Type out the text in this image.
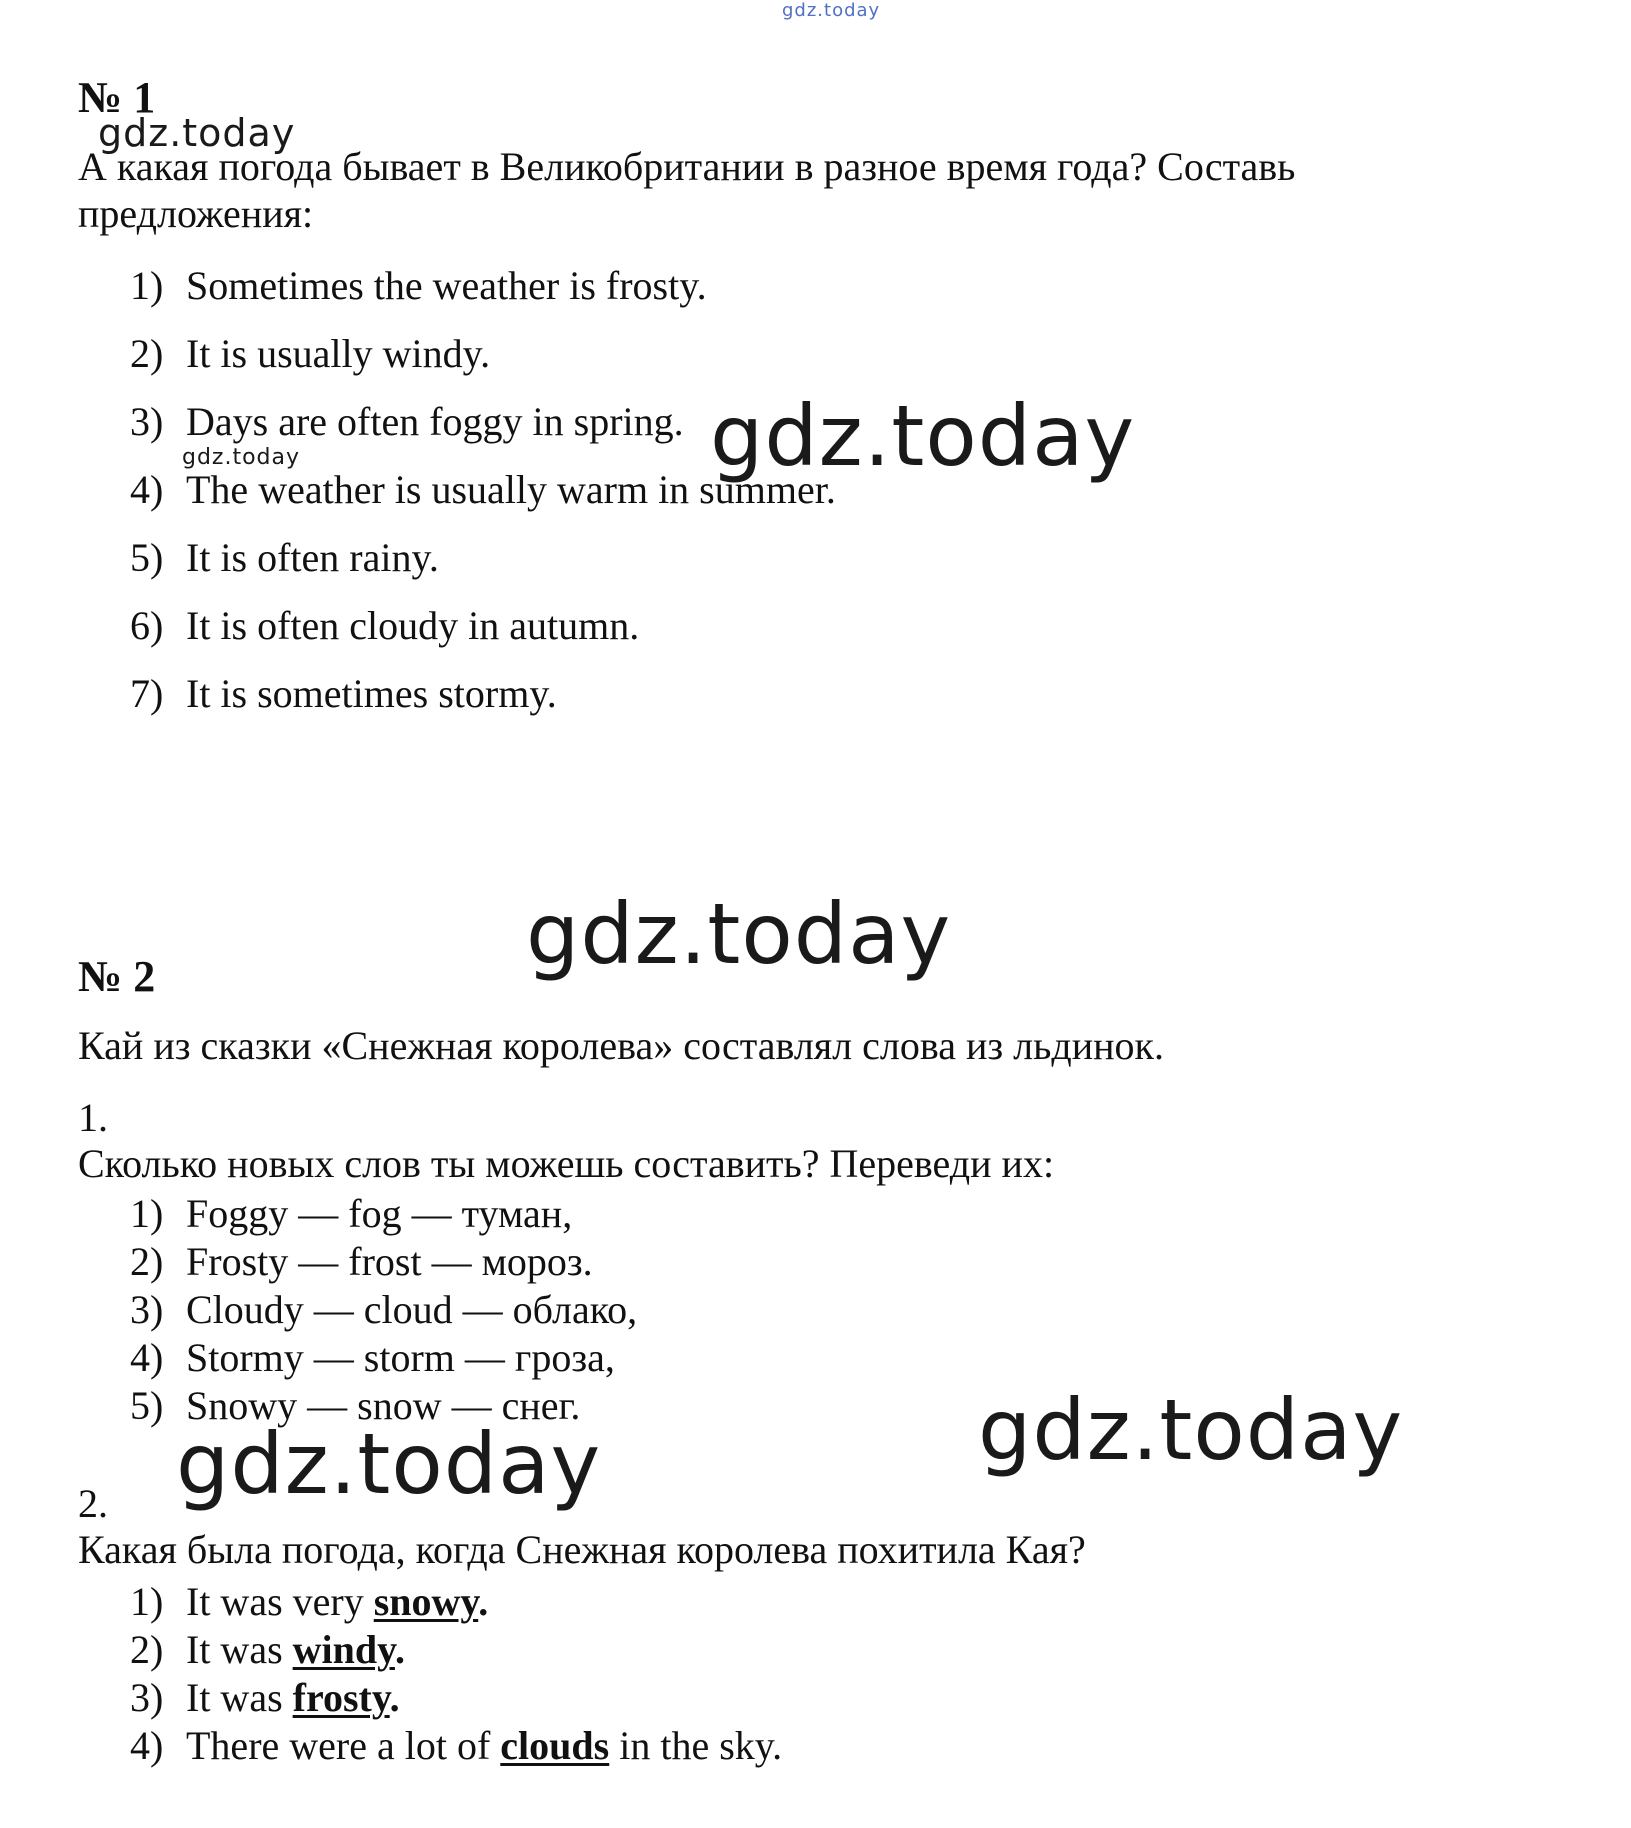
gdz.today
№ 1
gdz.today
А какая погода бывает в Великобритании в разное время года? Составь предложения:
1) Sometimes the weather is frosty.
2) It is usually windy.
3) Days are often foggy in spring.
4) The weather is usually warm in summer.
5) It is often rainy.
6) It is often cloudy in autumn.
7) It is sometimes stormy.
gdz.today
gdz.today
gdz.today
№ 2
Кай из сказки «Снежная королева» составлял слова из льдинок.
1.
Сколько новых слов ты можешь составить? Переведи их:
1) Foggy — fog — туман,
2) Frosty — frost — мороз.
3) Cloudy — cloud — облако,
4) Stormy — storm — гроза,
5) Snowy — snow — снег.	gdz.today
gdz.today
2.
Какая была погода, когда Снежная королева похитила Кая?
1) It was very snowy.
2) It was windy.
3) It was frosty.
4) There were a lot of clouds in the sky.
